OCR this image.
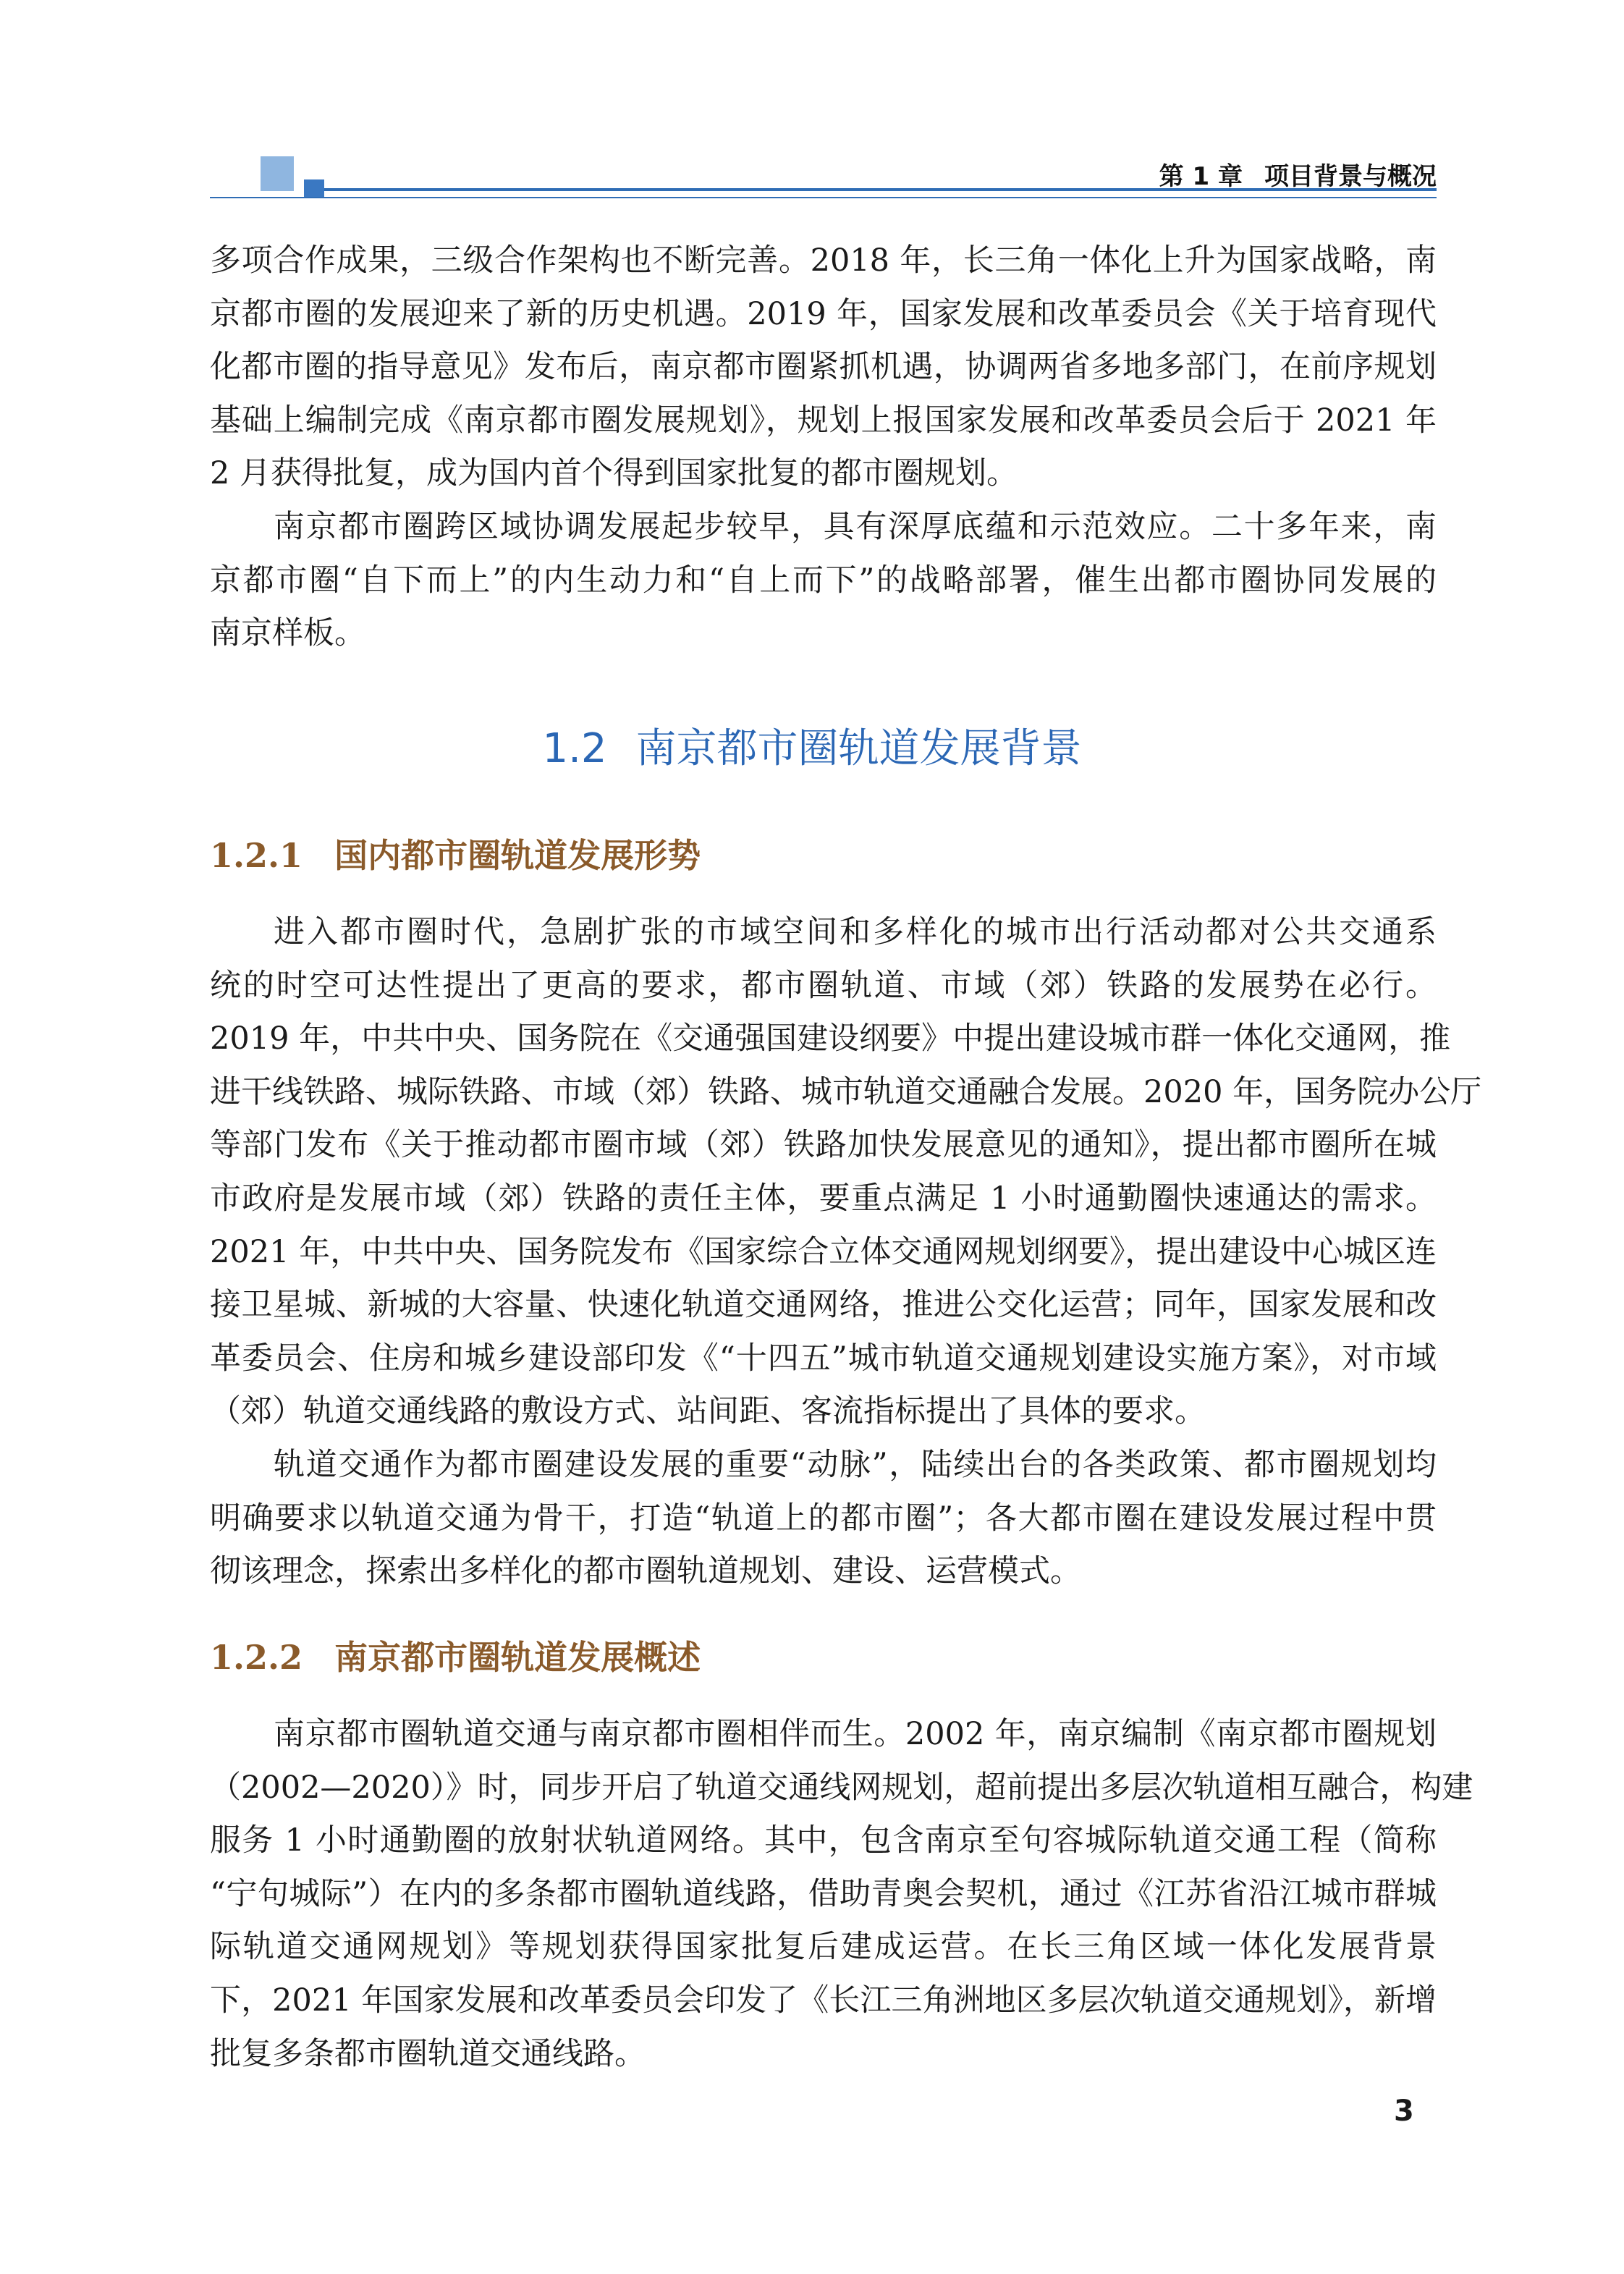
第 1 章 项目背景与概况
多项合作成果，三级合作架构也不断完善。2018 年，长三角一体化上升为国家战略，南
京都市圈的发展迎来了新的历史机遇。2019 年，国家发展和改革委员会《关于培育现代
化都市圈的指导意见》发布后，南京都市圈紧抓机遇，协调两省多地多部门，在前序规划
基础上编制完成《南京都市圈发展规划》，规划上报国家发展和改革委员会后于 2021 年
2 月获得批复，成为国内首个得到国家批复的都市圈规划。
南京都市圈跨区域协调发展起步较早，具有深厚底蕴和示范效应。二十多年来，南
京都市圈“自下而上”的内生动力和“自上而下”的战略部署，催生出都市圈协同发展的
南京样板。
1.2 南京都市圈轨道发展背景
1.2.1 国内都市圈轨道发展形势
进入都市圈时代，急剧扩张的市域空间和多样化的城市出行活动都对公共交通系
统的时空可达性提出了更高的要求，都市圈轨道、市域（郊）铁路的发展势在必行。
2019 年，中共中央、国务院在《交通强国建设纲要》中提出建设城市群一体化交通网，推
进干线铁路、城际铁路、市域（郊）铁路、城市轨道交通融合发展。2020 年，国务院办公厅
等部门发布《关于推动都市圈市域（郊）铁路加快发展意见的通知》，提出都市圈所在城
市政府是发展市域（郊）铁路的责任主体，要重点满足 1 小时通勤圈快速通达的需求。
2021 年，中共中央、国务院发布《国家综合立体交通网规划纲要》，提出建设中心城区连
接卫星城、新城的大容量、快速化轨道交通网络，推进公交化运营；同年，国家发展和改
革委员会、住房和城乡建设部印发《“十四五”城市轨道交通规划建设实施方案》，对市域
（郊）轨道交通线路的敷设方式、站间距、客流指标提出了具体的要求。
轨道交通作为都市圈建设发展的重要“动脉”，陆续出台的各类政策、都市圈规划均
明确要求以轨道交通为骨干，打造“轨道上的都市圈”；各大都市圈在建设发展过程中贯
彻该理念，探索出多样化的都市圈轨道规划、建设、运营模式。
1.2.2 南京都市圈轨道发展概述
南京都市圈轨道交通与南京都市圈相伴而生。2002 年，南京编制《南京都市圈规划
（2002—2020）》时，同步开启了轨道交通线网规划，超前提出多层次轨道相互融合，构建
服务 1 小时通勤圈的放射状轨道网络。其中，包含南京至句容城际轨道交通工程（简称
“宁句城际”）在内的多条都市圈轨道线路，借助青奥会契机，通过《江苏省沿江城市群城
际轨道交通网规划》等规划获得国家批复后建成运营。在长三角区域一体化发展背景
下，2021 年国家发展和改革委员会印发了《长江三角洲地区多层次轨道交通规划》，新增
批复多条都市圈轨道交通线路。
3
